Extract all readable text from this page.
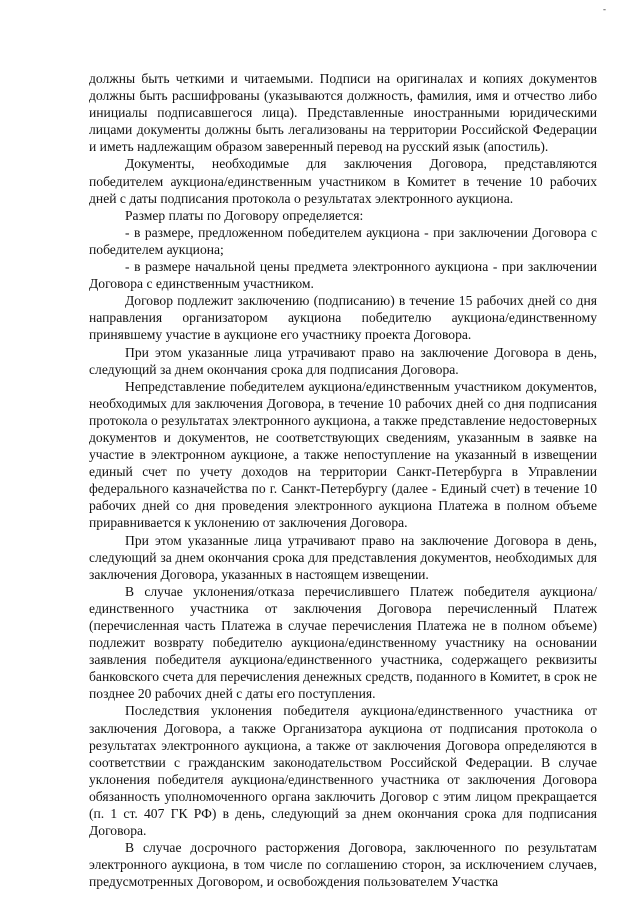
-

должны быть четкими и читаемыми. Подписи на оригиналах и копиях документов должны быть расшифрованы (указываются должность, фамилия, имя и отчество либо инициалы подписавшегося лица). Представленные иностранными юридическими лицами документы должны быть легализованы на территории Российской Федерации и иметь надлежащим образом заверенный перевод на русский язык (апостиль).

Документы, необходимые для заключения Договора, представляются победителем аукциона/единственным участником в Комитет в течение 10 рабочих дней с даты подписания протокола о результатах электронного аукциона.

Размер платы по Договору определяется:

- в размере, предложенном победителем аукциона - при заключении Договора с победителем аукциона;

- в размере начальной цены предмета электронного аукциона - при заключении Договора с единственным участником.

Договор подлежит заключению (подписанию) в течение 15 рабочих дней со дня направления организатором аукциона победителю аукциона/единственному принявшему участие в аукционе его участнику проекта Договора.

При этом указанные лица утрачивают право на заключение Договора в день, следующий за днем окончания срока для подписания Договора.

Непредставление победителем аукциона/единственным участником документов, необходимых для заключения Договора, в течение 10 рабочих дней со дня подписания протокола о результатах электронного аукциона, а также представление недостоверных документов и документов, не соответствующих сведениям, указанным в заявке на участие в электронном аукционе, а также непоступление на указанный в извещении единый счет по учету доходов на территории Санкт-Петербурга в Управлении федерального казначейства по г. Санкт-Петербургу (далее - Единый счет) в течение 10 рабочих дней со дня проведения электронного аукциона Платежа в полном объеме приравнивается к уклонению от заключения Договора.

При этом указанные лица утрачивают право на заключение Договора в день, следующий за днем окончания срока для представления документов, необходимых для заключения Договора, указанных в настоящем извещении.

В случае уклонения/отказа перечислившего Платеж победителя аукциона/единственного участника от заключения Договора перечисленный Платеж (перечисленная часть Платежа в случае перечисления Платежа не в полном объеме) подлежит возврату победителю аукциона/единственному участнику на основании заявления победителя аукциона/единственного участника, содержащего реквизиты банковского счета для перечисления денежных средств, поданного в Комитет, в срок не позднее 20 рабочих дней с даты его поступления.

Последствия уклонения победителя аукциона/единственного участника от заключения Договора, а также Организатора аукциона от подписания протокола о результатах электронного аукциона, а также от заключения Договора определяются в соответствии с гражданским законодательством Российской Федерации. В случае уклонения победителя аукциона/единственного участника от заключения Договора обязанность уполномоченного органа заключить Договор с этим лицом прекращается (п. 1 ст. 407 ГК РФ) в день, следующий за днем окончания срока для подписания Договора.

В случае досрочного расторжения Договора, заключенного по результатам электронного аукциона, в том числе по соглашению сторон, за исключением случаев, предусмотренных Договором, и освобождения пользователем Участка
